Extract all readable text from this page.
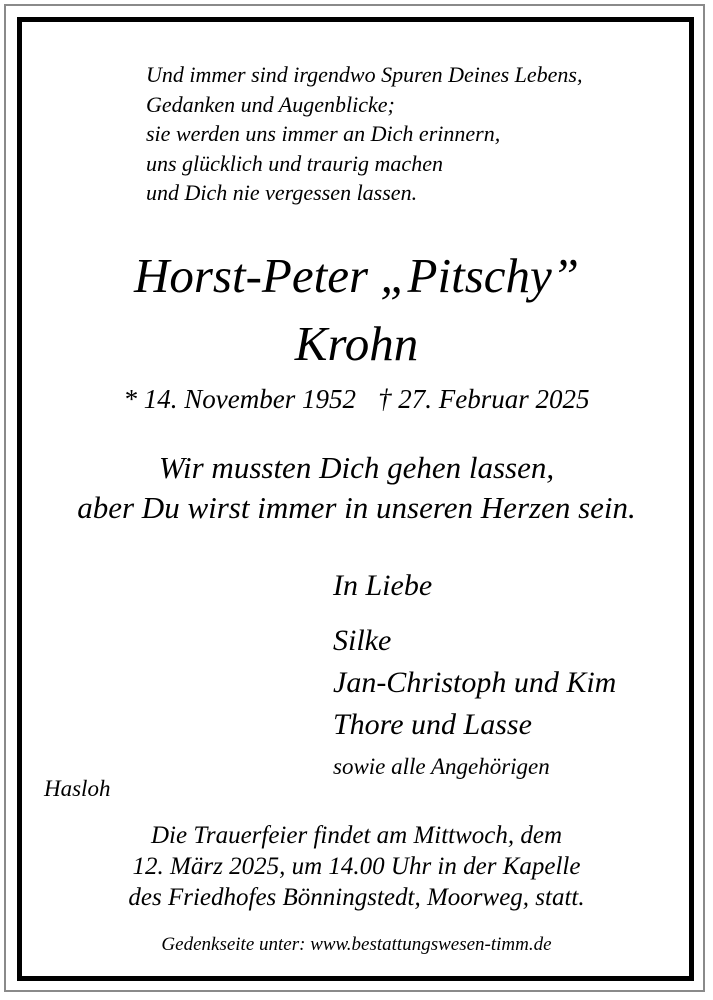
Und immer sind irgendwo Spuren Deines Lebens,
Gedanken und Augenblicke;
sie werden uns immer an Dich erinnern,
uns glücklich und traurig machen
und Dich nie vergessen lassen.
Horst-Peter „Pitschy”
Krohn
* 14. November 1952 † 27. Februar 2025
Wir mussten Dich gehen lassen,
aber Du wirst immer in unseren Herzen sein.
In Liebe
Silke
Jan-Christoph und Kim
Thore und Lasse
sowie alle Angehörigen
Hasloh
Die Trauerfeier findet am Mittwoch, dem
12. März 2025, um 14.00 Uhr in der Kapelle
des Friedhofes Bönningstedt, Moorweg, statt.
Gedenkseite unter: www.bestattungswesen-timm.de
